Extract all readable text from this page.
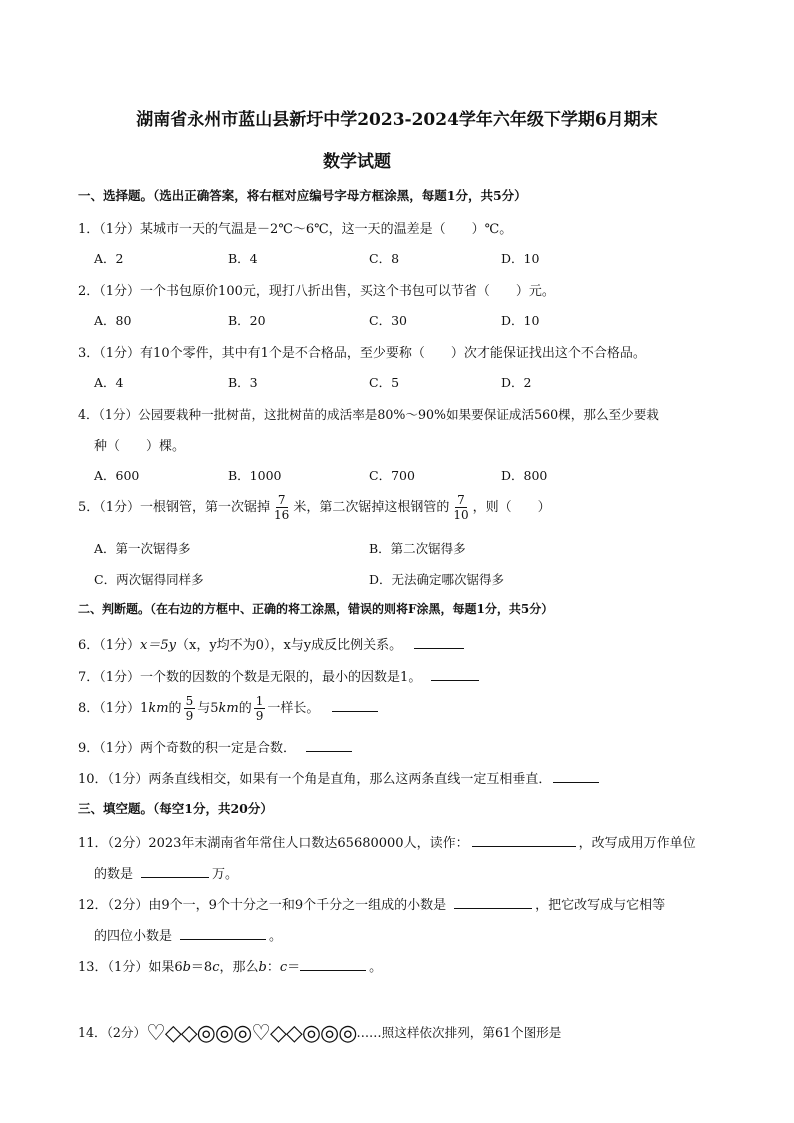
湖南省永州市蓝山县新圩中学2023-2024学年六年级下学期6月期末
数学试题
一、选择题。（选出正确答案，将右框对应编号字母方框涂黑，每题1分，共5分）
1．（1分）某城市一天的气温是－2℃～6℃，这一天的温差是（　　）℃。
A．2	B．4	C．8	D．10
2．（1分）一个书包原价100元，现打八折出售，买这个书包可以节省（　　）元。
A．80	B．20	C．30	D．10
3．（1分）有10个零件，其中有1个是不合格品，至少要称（　　）次才能保证找出这个不合格品。
A．4	B．3	C．5	D．2
4．（1分）公园要栽种一批树苗，这批树苗的成活率是80%～90%如果要保证成活560棵，那么至少要栽
种（　　）棵。
A．600	B．1000	C．700	D．800
5．（1分）一根钢管，第一次锯掉 $\frac{7}{16}$ 米，第二次锯掉这根钢管的 $\frac{7}{10}$ ，则（　　）
A．第一次锯得多	B．第二次锯得多
C．两次锯得同样多	D．无法确定哪次锯得多
二、判断题。（在右边的方框中、正确的将工涂黑，错误的则将F涂黑，每题1分，共5分）
6．（1分）x＝5y（x，y均不为0），x与y成反比例关系。
7．（1分）一个数的因数的个数是无限的，最小的因数是1。
8．（1分）1km的 $\frac{5}{9}$ 与5km的 $\frac{1}{9}$ 一样长。
9．（1分）两个奇数的积一定是合数．
10．（1分）两条直线相交，如果有一个角是直角，那么这两条直线一定互相垂直．
三、填空题。（每空1分，共20分）
11．（2分）2023年末湖南省年常住人口数达65680000人，读作：	，改写成用万作单位
的数是	万。
12．（2分）由9个一，9个十分之一和9个千分之一组成的小数是	，把它改写成与它相等
的四位小数是	。
13．（1分）如果6b＝8c，那么b：c＝	。
14．（2分）♡◇◇◎◎◎♡◇◇◎◎◎……照这样依次排列，第61个图形是
